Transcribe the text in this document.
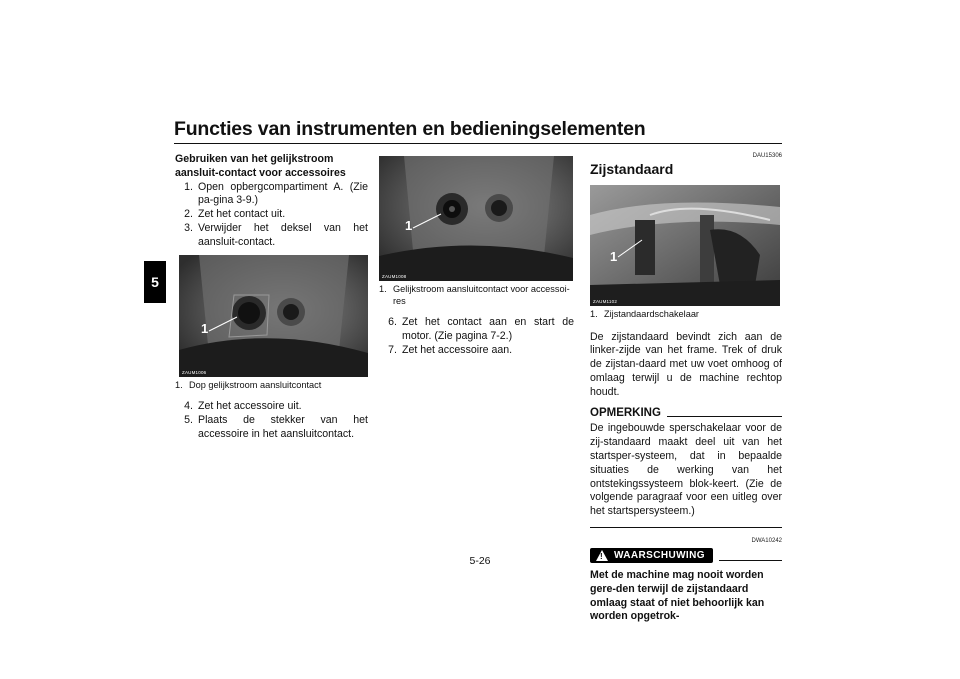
Functies van instrumenten en bedieningselementen
5

Gebruiken van het gelijkstroom aansluit-contact voor accessoires

1. Open opbergcompartiment A. (Zie pa-gina 3-9.)
2. Zet het contact uit.
3. Verwijder het deksel van het aansluit-contact.
1
ZAUM1006
1. Dop gelijkstroom aansluitcontact
4. Zet het accessoire uit.
5. Plaats de stekker van het accessoire in het aansluitcontact.
1
ZAUM1008
1. Gelijkstroom aansluitcontact voor accessoi-res
6. Zet het contact aan en start de motor. (Zie pagina 7-2.)
7. Zet het accessoire aan.

DAU15306

Zijstandaard

1
ZAUM1102
1. Zijstandaardschakelaar

De zijstandaard bevindt zich aan de linker-zijde van het frame. Trek of druk de zijstan-daard met uw voet omhoog of omlaag terwijl u de machine rechtop houdt.

OPMERKING

De ingebouwde sperschakelaar voor de zij-standaard maakt deel uit van het startsper-systeem, dat in bepaalde situaties de werking van het ontstekingssysteem blok-keert. (Zie de volgende paragraaf voor een uitleg over het startspersysteem.)

DWA10242

! WAARSCHUWING

Met de machine mag nooit worden gere-den terwijl de zijstandaard omlaag staat of niet behoorlijk kan worden opgetrok-

5-26
